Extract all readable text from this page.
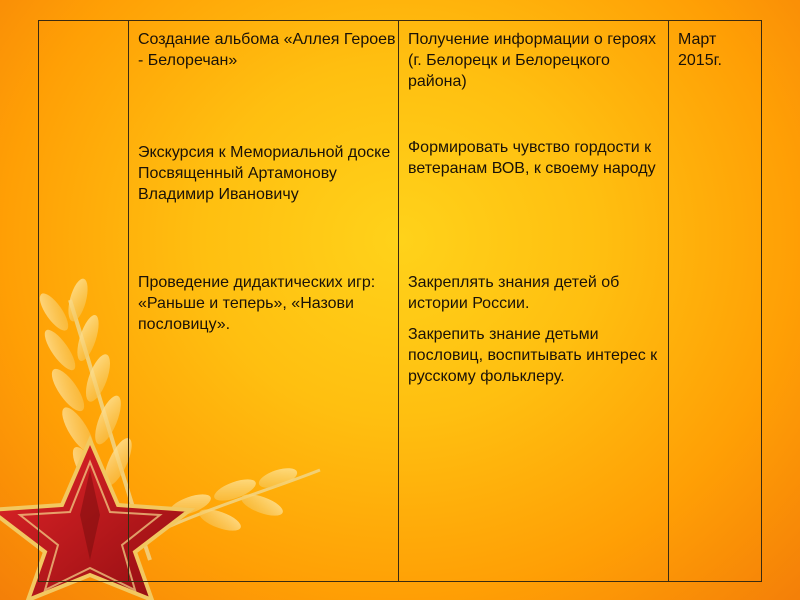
Создание альбома «Аллея Героев - Белоречан»

Экскурсия к Мемориальной доске Посвященный Артамонову Владимир Ивановичу

Проведение дидактических игр: «Раньше и теперь», «Назови пословицу».

Получение информации о героях (г. Белорецк и Белорецкого района)

Формировать чувство гордости к ветеранам ВОВ, к своему народу

Закреплять знания детей об истории России.

Закрепить знание детьми пословиц, воспитывать интерес к русскому фольклеру.

Март 2015г.
